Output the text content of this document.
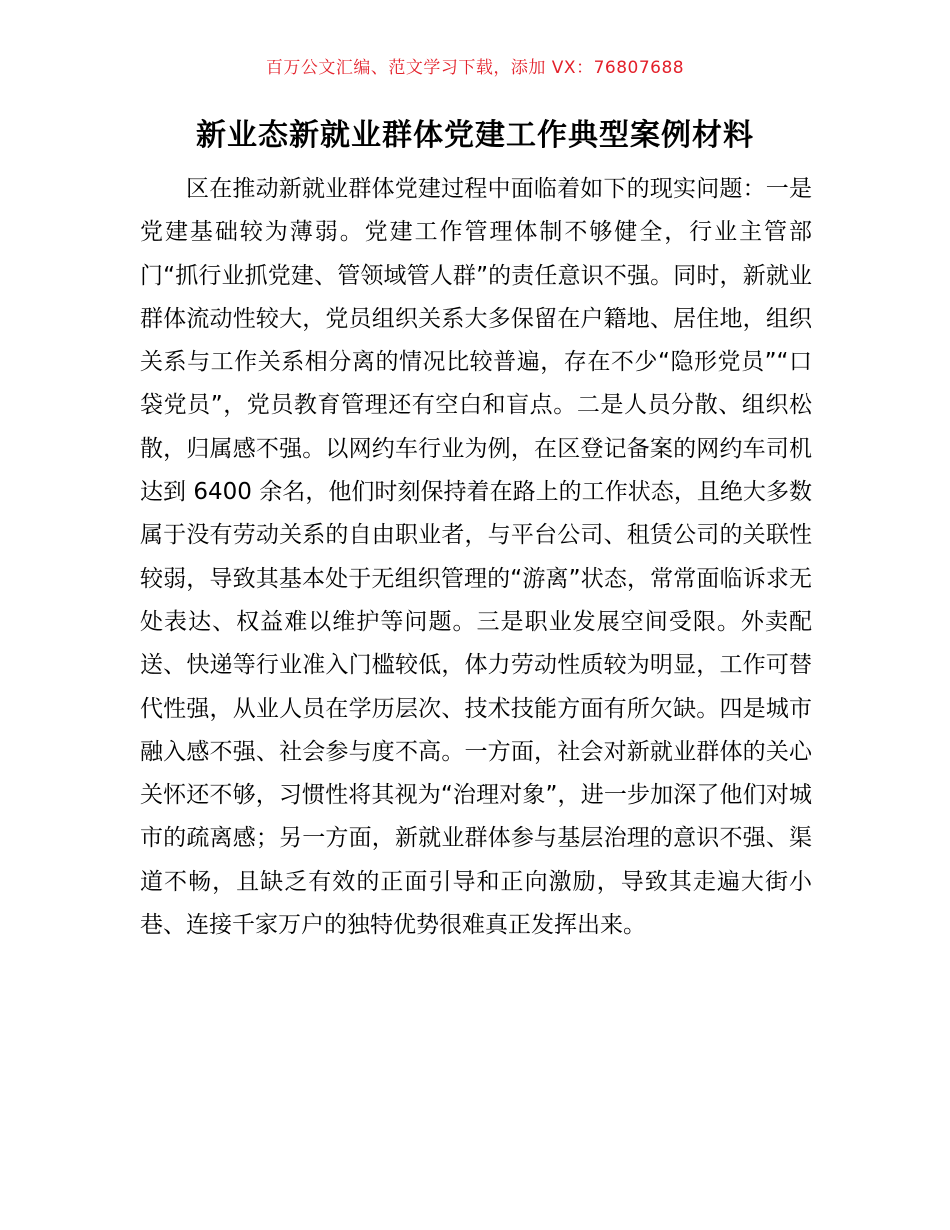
百万公文汇编、范文学习下载，添加 VX：76807688
新业态新就业群体党建工作典型案例材料

区在推动新就业群体党建过程中面临着如下的现实问题：一是党建基础较为薄弱。党建工作管理体制不够健全，行业主管部门“抓行业抓党建、管领域管人群”的责任意识不强。同时，新就业群体流动性较大，党员组织关系大多保留在户籍地、居住地，组织关系与工作关系相分离的情况比较普遍，存在不少“隐形党员”“口袋党员”，党员教育管理还有空白和盲点。二是人员分散、组织松散，归属感不强。以网约车行业为例，在区登记备案的网约车司机达到 6400 余名，他们时刻保持着在路上的工作状态，且绝大多数属于没有劳动关系的自由职业者，与平台公司、租赁公司的关联性较弱，导致其基本处于无组织管理的“游离”状态，常常面临诉求无处表达、权益难以维护等问题。三是职业发展空间受限。外卖配送、快递等行业准入门槛较低，体力劳动性质较为明显，工作可替代性强，从业人员在学历层次、技术技能方面有所欠缺。四是城市融入感不强、社会参与度不高。一方面，社会对新就业群体的关心关怀还不够，习惯性将其视为“治理对象”，进一步加深了他们对城市的疏离感；另一方面，新就业群体参与基层治理的意识不强、渠道不畅，且缺乏有效的正面引导和正向激励，导致其走遍大街小巷、连接千家万户的独特优势很难真正发挥出来。
